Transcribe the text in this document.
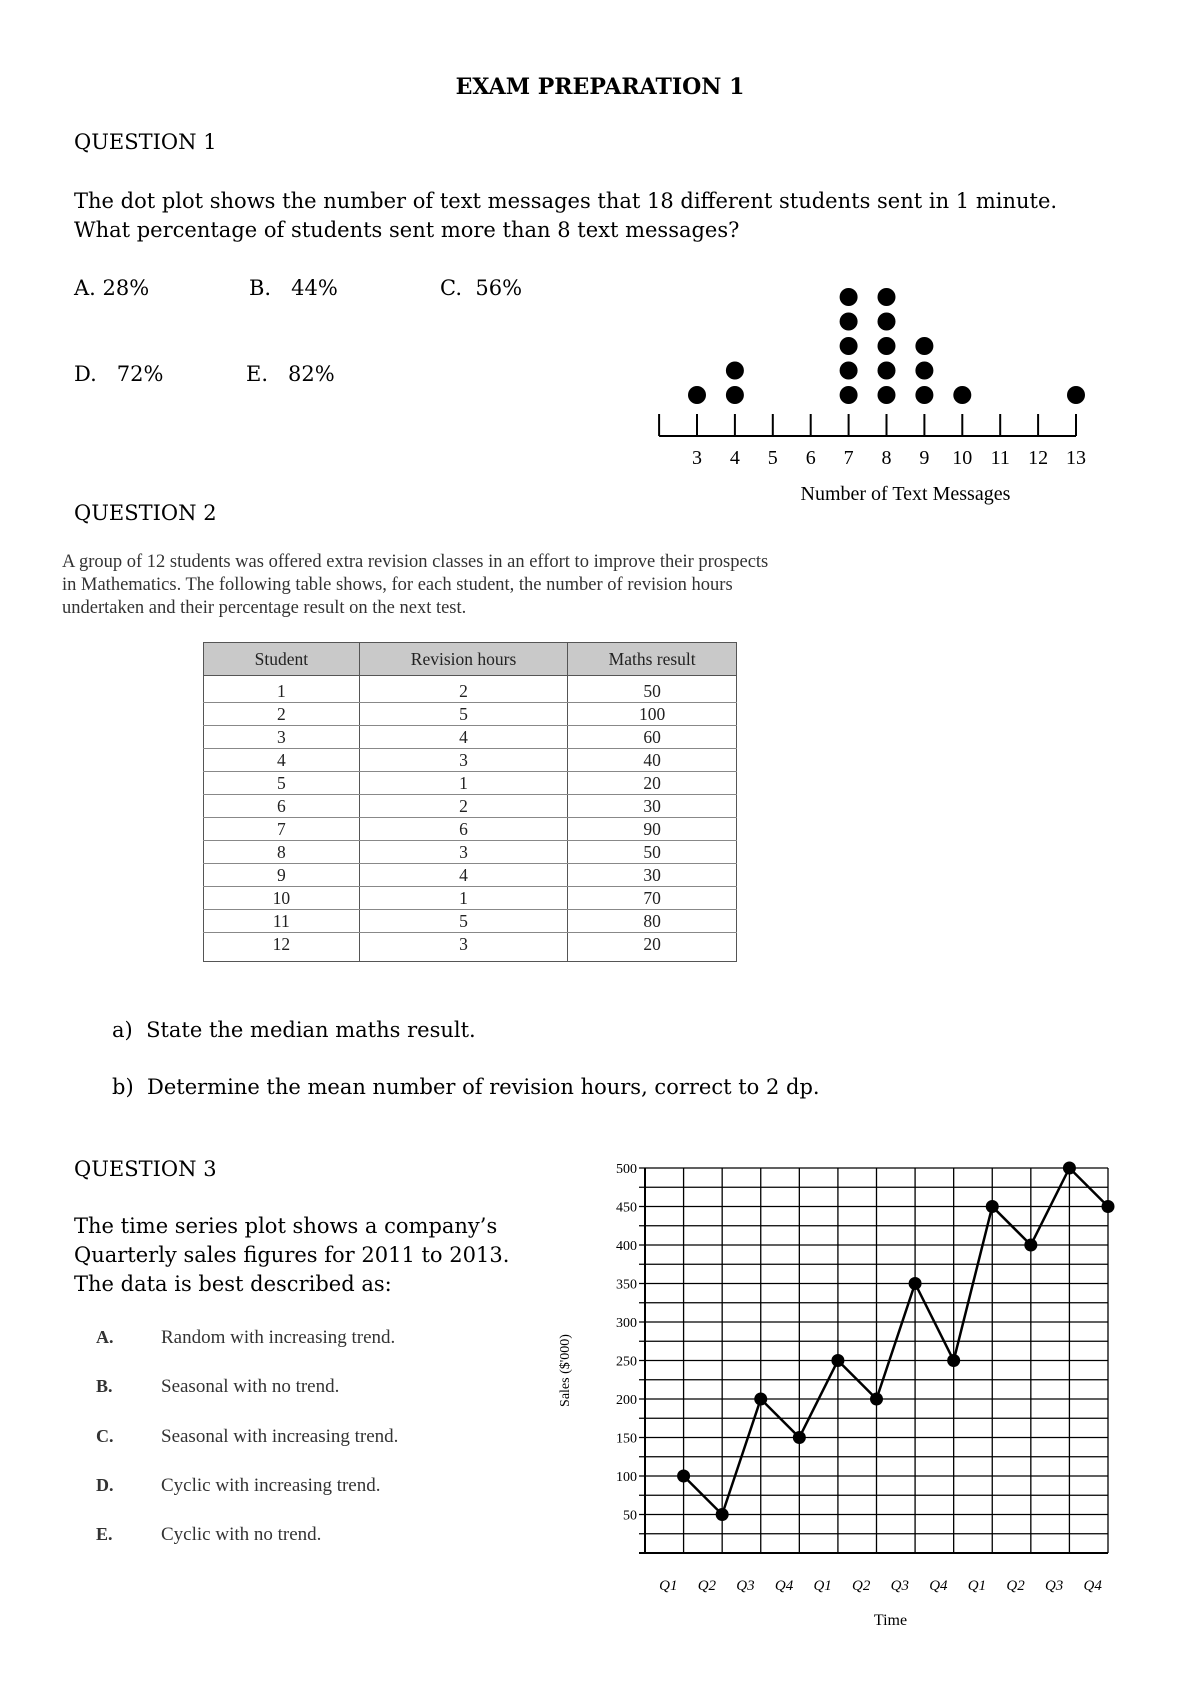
EXAM PREPARATION 1
QUESTION 1
The dot plot shows the number of text messages that 18 different students sent in 1 minute.
What percentage of students sent more than 8 text messages?
A. 28%	B. 44%	C. 56%
D. 72%	E. 82%
3 4 5 6 7 8 9 10 11 12 13
Number of Text Messages
QUESTION 2
A group of 12 students was offered extra revision classes in an effort to improve their prospects
in Mathematics. The following table shows, for each student, the number of revision hours
undertaken and their percentage result on the next test.
Student	Revision hours	Maths result
1	2	50
2	5	100
3	4	60
4	3	40
5	1	20
6	2	30
7	6	90
8	3	50
9	4	30
10	1	70
11	5	80
12	3	20
a) State the median maths result.
b) Determine the mean number of revision hours, correct to 2 dp.
QUESTION 3
The time series plot shows a company’s
Quarterly sales figures for 2011 to 2013.
The data is best described as:
A.	Random with increasing trend.
B.	Seasonal with no trend.
C.	Seasonal with increasing trend.
D.	Cyclic with increasing trend.
E.	Cyclic with no trend.
50
100
150
200
250
300
350
400
450
500
Q1 Q2 Q3 Q4 Q1 Q2 Q3 Q4 Q1 Q2 Q3 Q4
Sales ($'000)
Time
